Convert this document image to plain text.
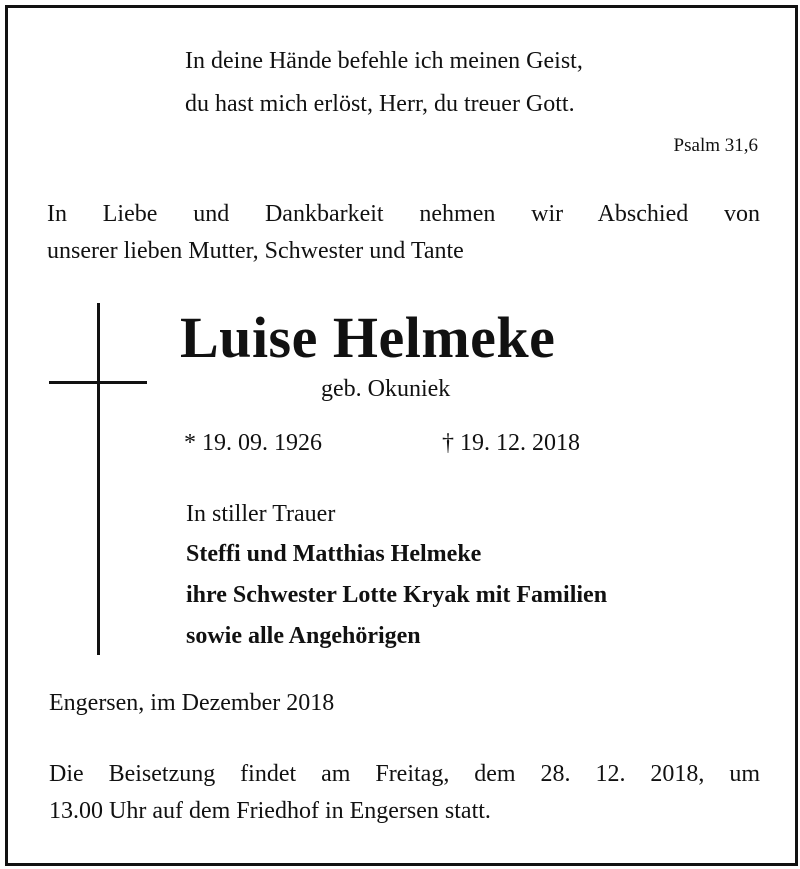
In deine Hände befehle ich meinen Geist,
du hast mich erlöst, Herr, du treuer Gott.
Psalm 31,6
In Liebe und Dankbarkeit nehmen wir Abschied von
unserer lieben Mutter, Schwester und Tante
Luise Helmeke
geb. Okuniek
* 19. 09. 1926	† 19. 12. 2018
In stiller Trauer
Steffi und Matthias Helmeke
ihre Schwester Lotte Kryak mit Familien
sowie alle Angehörigen
Engersen, im Dezember 2018
Die Beisetzung findet am Freitag, dem 28. 12. 2018, um
13.00 Uhr auf dem Friedhof in Engersen statt.
